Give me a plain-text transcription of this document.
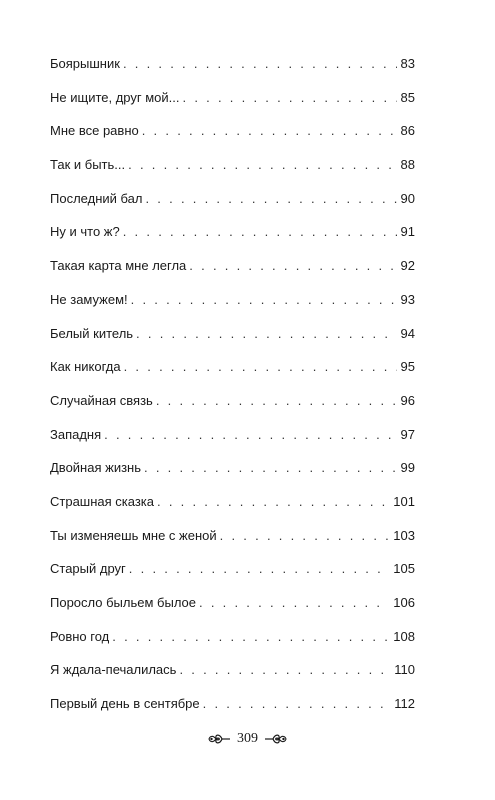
Боярышник . . .	83
Не ищите, друг мой... . . .	85
Мне все равно . . .	86
Так и быть... . . .	88
Последний бал . . .	90
Ну и что ж? . . .	91
Такая карта мне легла . . .	92
Не замужем! . . .	93
Белый китель . . .	94
Как никогда . . .	95
Случайная связь . . .	96
Западня . . .	97
Двойная жизнь . . .	99
Страшная сказка . . .	101
Ты изменяешь мне с женой . . .	103
Старый друг . . .	105
Поросло быльем былое . . .	106
Ровно год . . .	108
Я ждала-печалилась . . .	110
Первый день в сентябре . . .	112
309
